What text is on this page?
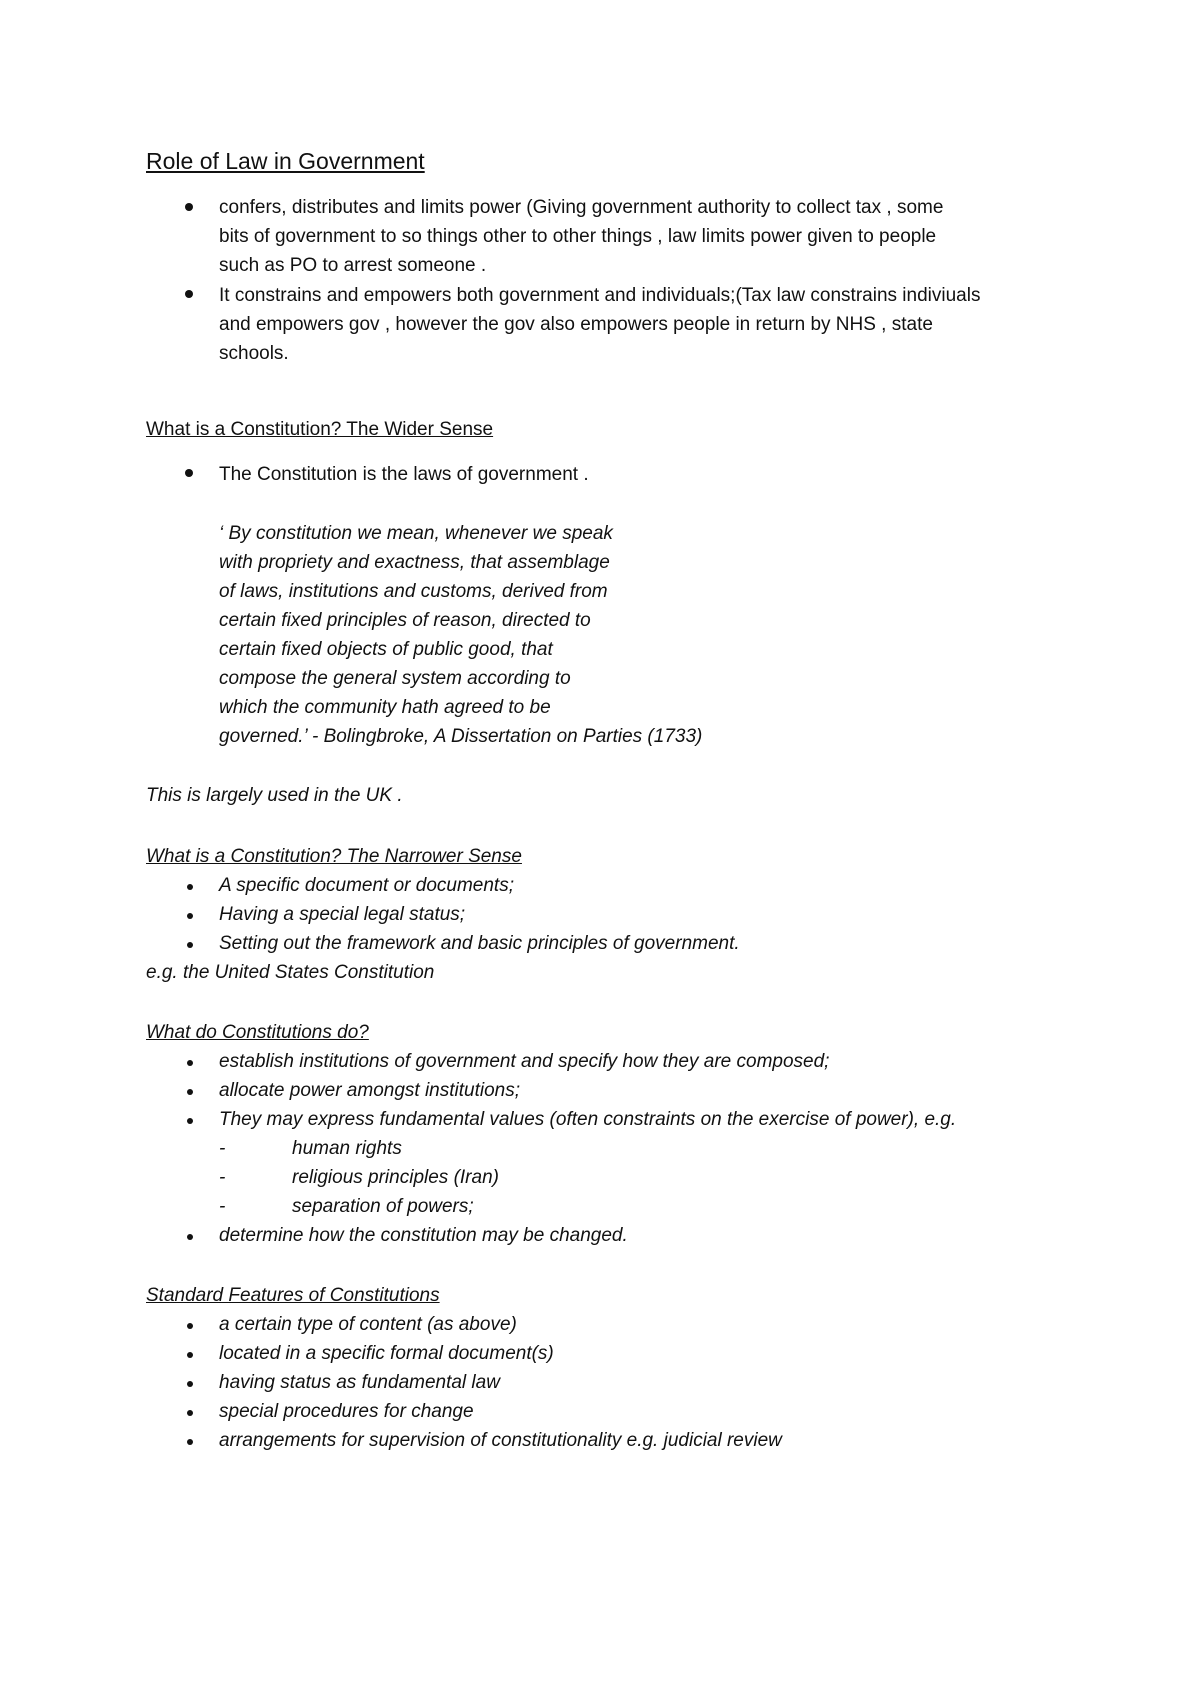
Role of Law in Government
confers, distributes and limits power (Giving government authority to collect tax , some
bits of government to so things other to other things , law limits power given to people
such as PO to arrest someone .
It constrains and empowers both government and individuals;(Tax law constrains indiviuals
and empowers gov , however the gov also empowers people in return by NHS , state
schools.
What is a Constitution? The Wider Sense
The Constitution is the laws of government .
‘ By constitution we mean, whenever we speak
with propriety and exactness, that assemblage
of laws, institutions and customs, derived from
certain fixed principles of reason, directed to
certain fixed objects of public good, that
compose the general system according to
which the community hath agreed to be
governed.’ - Bolingbroke, A Dissertation on Parties (1733)
This is largely used in the UK .
What is a Constitution? The Narrower Sense
A specific document or documents;
Having a special legal status;
Setting out the framework and basic principles of government.
e.g. the United States Constitution
What do Constitutions do?
establish institutions of government and specify how they are composed;
allocate power amongst institutions;
They may express fundamental values (often constraints on the exercise of power), e.g.
-	human rights
-	religious principles (Iran)
-	separation of powers;
determine how the constitution may be changed.
Standard Features of Constitutions
a certain type of content (as above)
located in a specific formal document(s)
having status as fundamental law
special procedures for change
arrangements for supervision of constitutionality e.g. judicial review
